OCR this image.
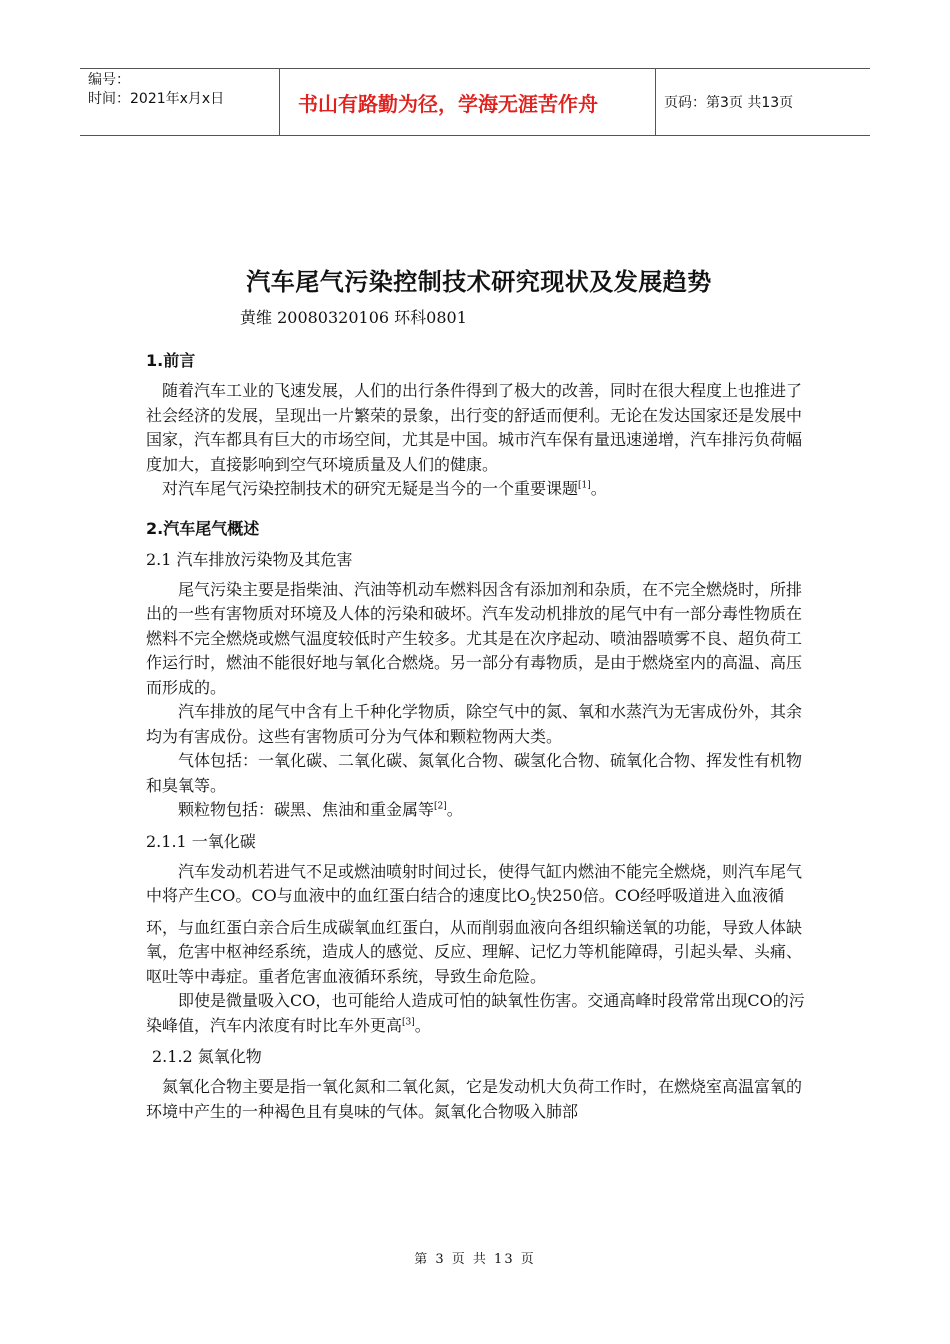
编号：
时间：2021年x月x日	书山有路勤为径，学海无涯苦作舟	页码：第3页 共13页
汽车尾气污染控制技术研究现状及发展趋势
黄维 20080320106 环科0801
1.前言

随着汽车工业的飞速发展，人们的出行条件得到了极大的改善，同时在很大程度上也推进了社会经济的发展，呈现出一片繁荣的景象，出行变的舒适而便利。无论在发达国家还是发展中国家，汽车都具有巨大的市场空间，尤其是中国。城市汽车保有量迅速递增，汽车排污负荷幅度加大，直接影响到空气环境质量及人们的健康。

对汽车尾气污染控制技术的研究无疑是当今的一个重要课题[1]。

2.汽车尾气概述
2.1 汽车排放污染物及其危害

尾气污染主要是指柴油、汽油等机动车燃料因含有添加剂和杂质，在不完全燃烧时，所排出的一些有害物质对环境及人体的污染和破坏。汽车发动机排放的尾气中有一部分毒性物质在燃料不完全燃烧或燃气温度较低时产生较多。尤其是在次序起动、喷油器喷雾不良、超负荷工作运行时，燃油不能很好地与氧化合燃烧。另一部分有毒物质，是由于燃烧室内的高温、高压而形成的。

汽车排放的尾气中含有上千种化学物质，除空气中的氮、氧和水蒸汽为无害成份外，其余均为有害成份。这些有害物质可分为气体和颗粒物两大类。

气体包括：一氧化碳、二氧化碳、氮氧化合物、碳氢化合物、硫氧化合物、挥发性有机物和臭氧等。

颗粒物包括：碳黑、焦油和重金属等[2]。

2.1.1 一氧化碳

汽车发动机若进气不足或燃油喷射时间过长，使得气缸内燃油不能完全燃烧，则汽车尾气中将产生CO。CO与血液中的血红蛋白结合的速度比$O_2$快250倍。CO经呼吸道进入血液循环，与血红蛋白亲合后生成碳氧血红蛋白，从而削弱血液向各组织输送氧的功能，导致人体缺氧，危害中枢神经系统，造成人的感觉、反应、理解、记忆力等机能障碍，引起头晕、头痛、呕吐等中毒症。重者危害血液循环系统，导致生命危险。

即使是微量吸入CO，也可能给人造成可怕的缺氧性伤害。交通高峰时段常常出现CO的污染峰值，汽车内浓度有时比车外更高[3]。

2.1.2 氮氧化物

氮氧化合物主要是指一氧化氮和二氧化氮，它是发动机大负荷工作时，在燃烧室高温富氧的环境中产生的一种褐色且有臭味的气体。氮氧化合物吸入肺部

第 3 页 共 13 页
